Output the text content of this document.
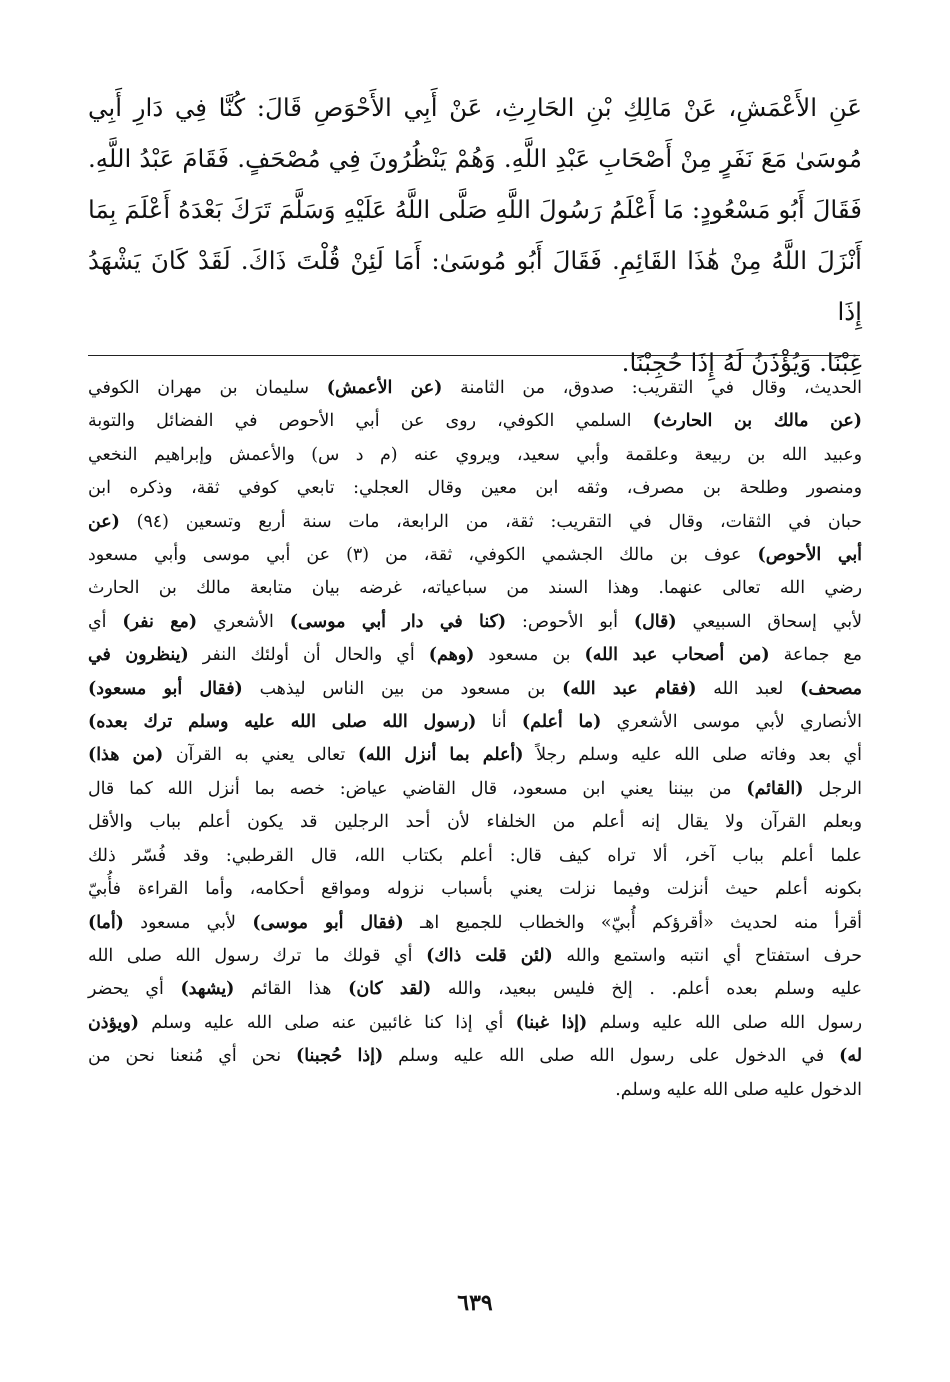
عَنِ الأَعْمَشِ، عَنْ مَالِكِ بْنِ الحَارِثِ، عَنْ أَبِي الأَحْوَصِ قَالَ: كُنَّا فِي دَارِ أَبِي
مُوسَىٰ مَعَ نَفَرٍ مِنْ أَصْحَابِ عَبْدِ اللَّهِ. وَهُمْ يَنْظُرُونَ فِي مُصْحَفٍ. فَقَامَ عَبْدُ اللَّهِ.
فَقَالَ أَبُو مَسْعُودٍ: مَا أَعْلَمُ رَسُولَ اللَّهِ صَلَّى اللَّهُ عَلَيْهِ وَسَلَّمَ تَرَكَ بَعْدَهُ أَعْلَمَ بِمَا
أَنْزَلَ اللَّهُ مِنْ هَٰذَا القَائِمِ. فَقَالَ أَبُو مُوسَىٰ: أَمَا لَئِنْ قُلْتَ ذَاكَ. لَقَدْ كَانَ يَشْهَدُ إِذَا
غِبْنَا. وَيُؤْذَنُ لَهُ إِذَا حُجِبْنَا.

الحديث، وقال في التقريب: صدوق، من الثامنة (عن الأعمش) سليمان بن مهران الكوفي
(عن مالك بن الحارث) السلمي الكوفي، روى عن أبي الأحوص في الفضائل والتوبة
وعبيد الله بن ربيعة وعلقمة وأبي سعيد، ويروي عنه (م د س) والأعمش وإبراهيم النخعي
ومنصور وطلحة بن مصرف، وثقه ابن معين وقال العجلي: تابعي كوفي ثقة، وذكره ابن
حبان في الثقات، وقال في التقريب: ثقة، من الرابعة، مات سنة أربع وتسعين (٩٤) (عن
أبي الأحوص) عوف بن مالك الجشمي الكوفي، ثقة، من (٣) عن أبي موسى وأبي مسعود
رضي الله تعالى عنهما. وهذا السند من سباعياته، غرضه بيان متابعة مالك بن الحارث
لأبي إسحاق السبيعي (قال) أبو الأحوص: (كنا في دار أبي موسى) الأشعري (مع نفر) أي
مع جماعة (من أصحاب عبد الله) بن مسعود (وهم) أي والحال أن أولئك النفر (ينظرون في
مصحف) لعبد الله (فقام عبد الله) بن مسعود من بين الناس ليذهب (فقال أبو مسعود)
الأنصاري لأبي موسى الأشعري (ما أعلم) أنا (رسول الله صلى الله عليه وسلم ترك بعده)
أي بعد وفاته صلى الله عليه وسلم رجلاً (أعلم بما أنزل الله) تعالى يعني به القرآن (من هذا)
الرجل (القائم) من بيننا يعني ابن مسعود، قال القاضي عياض: خصه بما أنزل الله كما قال
وبعلم القرآن ولا يقال إنه أعلم من الخلفاء لأن أحد الرجلين قد يكون أعلم بباب والأقل
علما أعلم بباب آخر، ألا تراه كيف قال: أعلم بكتاب الله، قال القرطبي: وقد فُسّر ذلك
بكونه أعلم حيث أنزلت وفيما نزلت يعني بأسباب نزوله ومواقع أحكامه، وأما القراءة فأُبيّ
أقرأ منه لحديث «أقرؤكم أُبيّ» والخطاب للجميع اهـ (فقال أبو موسى) لأبي مسعود (أما)
حرف استفتاح أي انتبه واستمع والله (لئن قلت ذاك) أي قولك ما ترك رسول الله صلى الله
عليه وسلم بعده أعلم. . إلخ فليس ببعيد، والله (لقد كان) هذا القائم (يشهد) أي يحضر
رسول الله صلى الله عليه وسلم (إذا غبنا) أي إذا كنا غائبين عنه صلى الله عليه وسلم (ويؤذن
له) في الدخول على رسول الله صلى الله عليه وسلم (إذا حُجبنا) نحن أي مُنعنا نحن من
الدخول عليه صلى الله عليه وسلم.
٦٣٩
